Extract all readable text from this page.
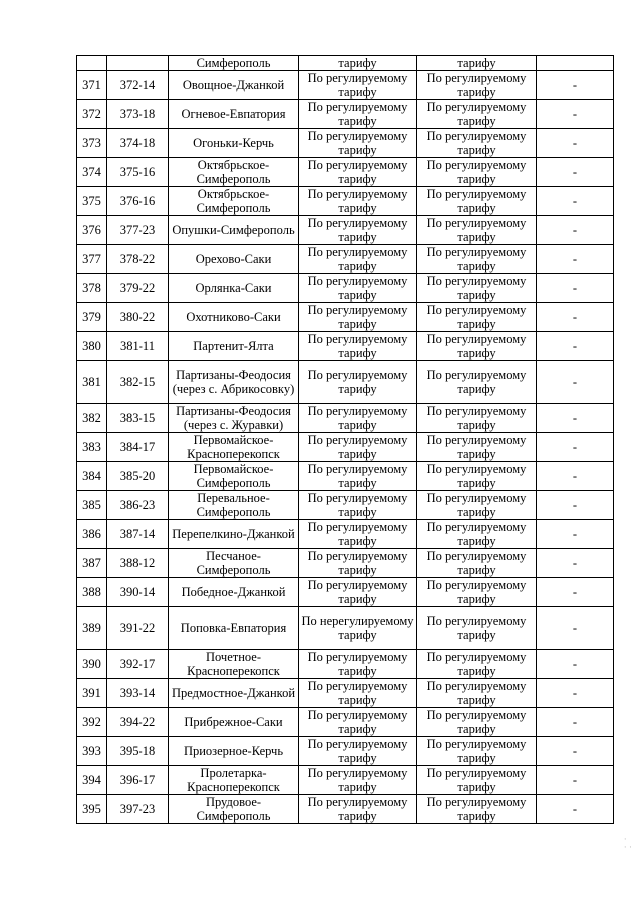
		Симферополь	тарифу	тарифу	
371	372-14	Овощное-Джанкой	По регулируемому тарифу	По регулируемому тарифу	-
372	373-18	Огневое-Евпатория	По регулируемому тарифу	По регулируемому тарифу	-
373	374-18	Огоньки-Керчь	По регулируемому тарифу	По регулируемому тарифу	-
374	375-16	Октябрьское-Симферополь	По регулируемому тарифу	По регулируемому тарифу	-
375	376-16	Октябрьское-Симферополь	По регулируемому тарифу	По регулируемому тарифу	-
376	377-23	Опушки-Симферополь	По регулируемому тарифу	По регулируемому тарифу	-
377	378-22	Орехово-Саки	По регулируемому тарифу	По регулируемому тарифу	-
378	379-22	Орлянка-Саки	По регулируемому тарифу	По регулируемому тарифу	-
379	380-22	Охотниково-Саки	По регулируемому тарифу	По регулируемому тарифу	-
380	381-11	Партенит-Ялта	По регулируемому тарифу	По регулируемому тарифу	-
381	382-15	Партизаны-Феодосия (через с. Абрикосовку)	По регулируемому тарифу	По регулируемому тарифу	-
382	383-15	Партизаны-Феодосия (через с. Журавки)	По регулируемому тарифу	По регулируемому тарифу	-
383	384-17	Первомайское-Красноперекопск	По регулируемому тарифу	По регулируемому тарифу	-
384	385-20	Первомайское-Симферополь	По регулируемому тарифу	По регулируемому тарифу	-
385	386-23	Перевальное-Симферополь	По регулируемому тарифу	По регулируемому тарифу	-
386	387-14	Перепелкино-Джанкой	По регулируемому тарифу	По регулируемому тарифу	-
387	388-12	Песчаное-Симферополь	По регулируемому тарифу	По регулируемому тарифу	-
388	390-14	Победное-Джанкой	По регулируемому тарифу	По регулируемому тарифу	-
389	391-22	Поповка-Евпатория	По нерегулируемому тарифу	По регулируемому тарифу	-
390	392-17	Почетное-Красноперекопск	По регулируемому тарифу	По регулируемому тарифу	-
391	393-14	Предмостное-Джанкой	По регулируемому тарифу	По регулируемому тарифу	-
392	394-22	Прибрежное-Саки	По регулируемому тарифу	По регулируемому тарифу	-
393	395-18	Приозерное-Керчь	По регулируемому тарифу	По регулируемому тарифу	-
394	396-17	Пролетарка-Красноперекопск	По регулируемому тарифу	По регулируемому тарифу	-
395	397-23	Прудовое-Симферополь	По регулируемому тарифу	По регулируемому тарифу	-
·
· ·
